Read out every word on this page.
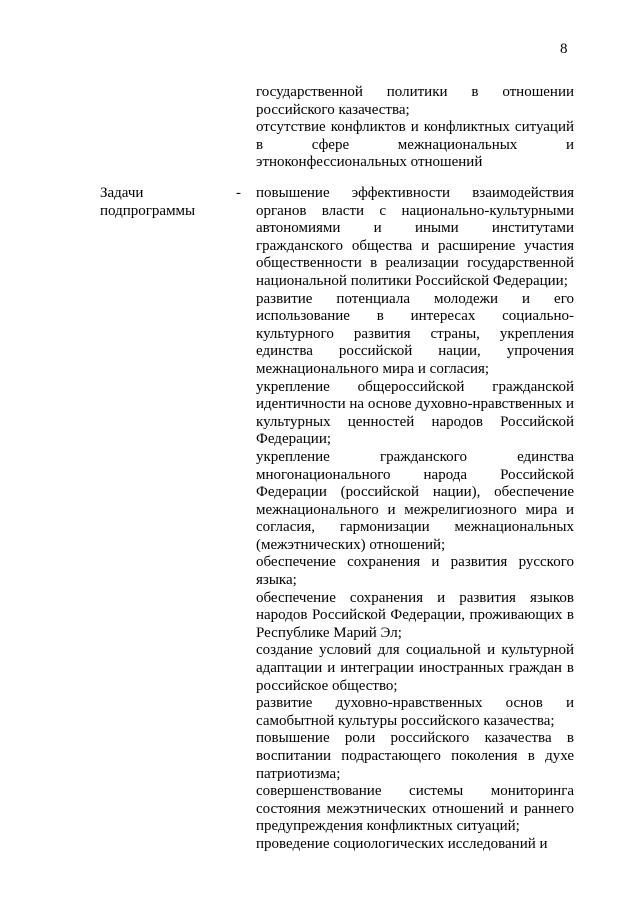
8

государственной политики в отношении российского казачества;

отсутствие конфликтов и конфликтных ситуаций в сфере межнациональных и этноконфессиональных отношений

Задачи
подпрограммы
- повышение эффективности взаимодействия органов власти с национально-культурными автономиями и иными институтами гражданского общества и расширение участия общественности в реализации государственной национальной политики Российской Федерации;

развитие потенциала молодежи и его использование в интересах социально-культурного развития страны, укрепления единства российской нации, упрочения межнационального мира и согласия;

укрепление общероссийской гражданской идентичности на основе духовно-нравственных и культурных ценностей народов Российской Федерации;

укрепление гражданского единства многонационального народа Российской Федерации (российской нации), обеспечение межнационального и межрелигиозного мира и согласия, гармонизации межнациональных (межэтнических) отношений;

обеспечение сохранения и развития русского языка;

обеспечение сохранения и развития языков народов Российской Федерации, проживающих в Республике Марий Эл;

создание условий для социальной и культурной адаптации и интеграции иностранных граждан в российское общество;

развитие духовно-нравственных основ и самобытной культуры российского казачества;

повышение роли российского казачества в воспитании подрастающего поколения в духе патриотизма;

совершенствование системы мониторинга состояния межэтнических отношений и раннего предупреждения конфликтных ситуаций;

проведение социологических исследований и
